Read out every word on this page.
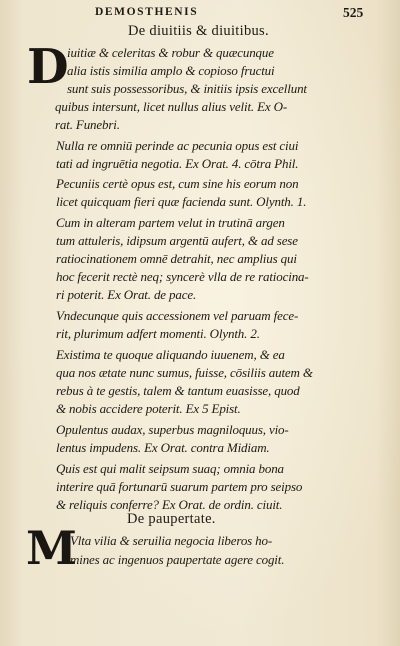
DEMOSTHENIS	525
De diuitiis & diuitibus.
D
iuitiæ & celeritas & robur & quæcunque
alia istis similia amplo & copioso fructui
sunt suis possessoribus, & initiis ipsis excellunt
quibus intersunt, licet nullus alius velit. Ex O-
rat. Funebri.
Nulla re omniū perinde ac pecunia opus est ciui
tati ad ingruētia negotia. Ex Orat. 4. cōtra Phil.
Pecuniis certè opus est, cum sine his eorum non
licet quicquam fieri quæ facienda sunt. Olynth. 1.
Cum in alteram partem velut in trutinā argen
tum attuleris, idipsum argentū aufert, & ad sese
ratiocinationem omnē detrahit, nec amplius qui
hoc fecerit rectè neq; syncerè vlla de re ratiocina-
ri poterit. Ex Orat. de pace.
Vndecunque quis accessionem vel paruam fece-
rit, plurimum adfert momenti. Olynth. 2.
Existima te quoque aliquando iuuenem, & ea
qua nos ætate nunc sumus, fuisse, cōsiliis autem &
rebus à te gestis, talem & tantum euasisse, quod
& nobis accidere poterit. Ex 5 Epist.
Opulentus audax, superbus magniloquus, vio-
lentus impudens. Ex Orat. contra Midiam.
Quis est qui malit seipsum suaq; omnia bona
interire quā fortunarū suarum partem pro seipso
& reliquis conferre? Ex Orat. de ordin. ciuit.
De paupertate.
M
Vlta vilia & seruilia negocia liberos ho-
mines ac ingenuos paupertate agere cogit.
